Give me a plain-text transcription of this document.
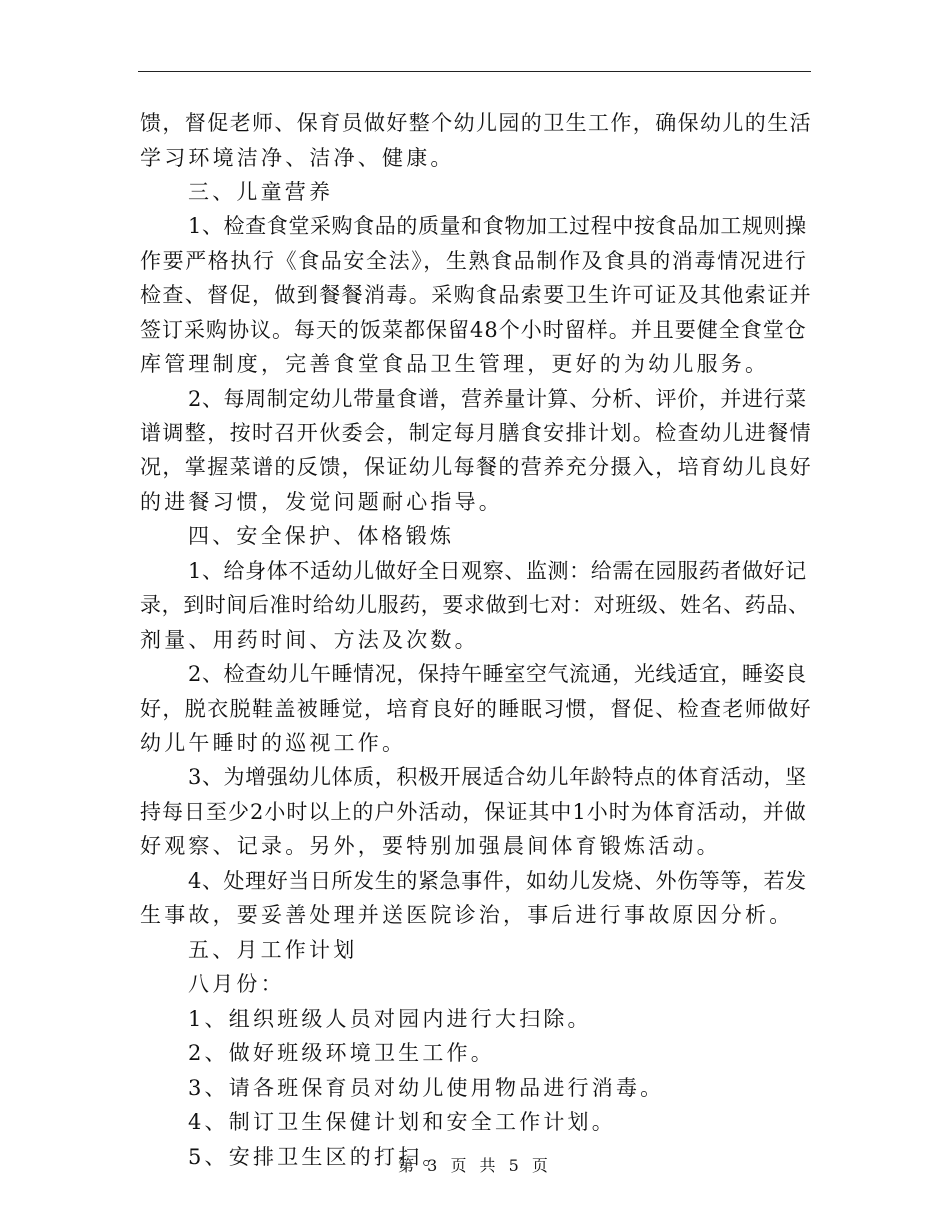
馈，督促老师、保育员做好整个幼儿园的卫生工作，确保幼儿的生活
学习环境洁净、洁净、健康。
三、儿童营养
1、检查食堂采购食品的质量和食物加工过程中按食品加工规则操
作要严格执行《食品安全法》，生熟食品制作及食具的消毒情况进行
检查、督促，做到餐餐消毒。采购食品索要卫生许可证及其他索证并
签订采购协议。每天的饭菜都保留48个小时留样。并且要健全食堂仓
库管理制度，完善食堂食品卫生管理，更好的为幼儿服务。
2、每周制定幼儿带量食谱，营养量计算、分析、评价，并进行菜
谱调整，按时召开伙委会，制定每月膳食安排计划。检查幼儿进餐情
况，掌握菜谱的反馈，保证幼儿每餐的营养充分摄入，培育幼儿良好
的进餐习惯，发觉问题耐心指导。
四、安全保护、体格锻炼
1、给身体不适幼儿做好全日观察、监测：给需在园服药者做好记
录，到时间后准时给幼儿服药，要求做到七对：对班级、姓名、药品、
剂量、用药时间、方法及次数。
2、检查幼儿午睡情况，保持午睡室空气流通，光线适宜，睡姿良
好，脱衣脱鞋盖被睡觉，培育良好的睡眠习惯，督促、检查老师做好
幼儿午睡时的巡视工作。
3、为增强幼儿体质，积极开展适合幼儿年龄特点的体育活动，坚
持每日至少2小时以上的户外活动，保证其中1小时为体育活动，并做
好观察、记录。另外，要特别加强晨间体育锻炼活动。
4、处理好当日所发生的紧急事件，如幼儿发烧、外伤等等，若发
生事故，要妥善处理并送医院诊治，事后进行事故原因分析。
五、月工作计划
八月份：
1、组织班级人员对园内进行大扫除。
2、做好班级环境卫生工作。
3、请各班保育员对幼儿使用物品进行消毒。
4、制订卫生保健计划和安全工作计划。
5、安排卫生区的打扫。
第 3 页 共 5 页
